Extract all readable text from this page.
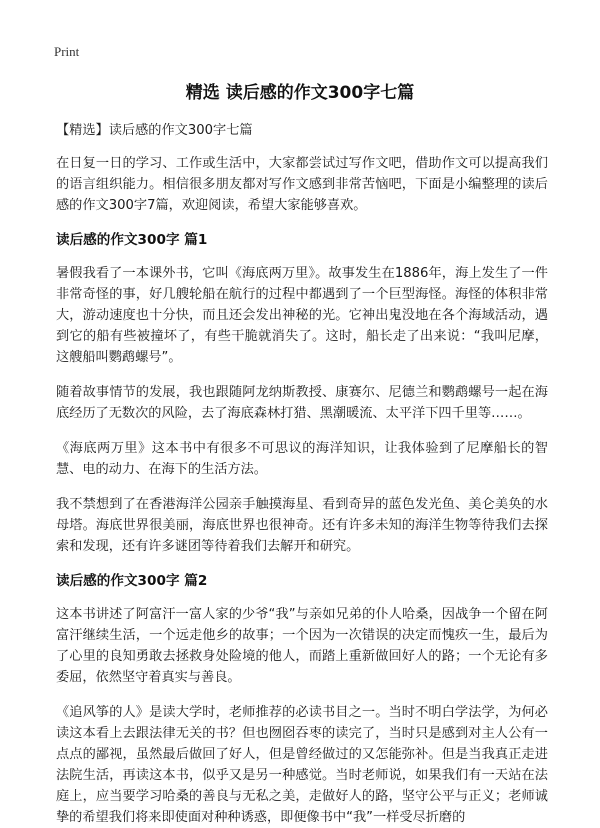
Print
精选 读后感的作文300字七篇

【精选】读后感的作文300字七篇

在日复一日的学习、工作或生活中，大家都尝试过写作文吧，借助作文可以提高我们的语言组织能力。相信很多朋友都对写作文感到非常苦恼吧，下面是小编整理的读后感的作文300字7篇，欢迎阅读，希望大家能够喜欢。

读后感的作文300字 篇1

暑假我看了一本课外书，它叫《海底两万里》。故事发生在1886年，海上发生了一件非常奇怪的事，好几艘轮船在航行的过程中都遇到了一个巨型海怪。海怪的体积非常大，游动速度也十分快，而且还会发出神秘的光。它神出鬼没地在各个海域活动，遇到它的船有些被撞坏了，有些干脆就消失了。这时，船长走了出来说：“我叫尼摩，这艘船叫鹦鹉螺号”。

随着故事情节的发展，我也跟随阿龙纳斯教授、康赛尔、尼德兰和鹦鹉螺号一起在海底经历了无数次的风险，去了海底森林打猎、黑潮暖流、太平洋下四千里等……。

《海底两万里》这本书中有很多不可思议的海洋知识，让我体验到了尼摩船长的智慧、电的动力、在海下的生活方法。

我不禁想到了在香港海洋公园亲手触摸海星、看到奇异的蓝色发光鱼、美仑美奂的水母塔。海底世界很美丽，海底世界也很神奇。还有许多未知的海洋生物等待我们去探索和发现，还有许多谜团等待着我们去解开和研究。

读后感的作文300字 篇2

这本书讲述了阿富汗一富人家的少爷“我”与亲如兄弟的仆人哈桑，因战争一个留在阿富汗继续生活，一个远走他乡的故事；一个因为一次错误的决定而愧疚一生，最后为了心里的良知勇敢去拯救身处险境的他人，而踏上重新做回好人的路；一个无论有多委屈，依然坚守着真实与善良。

《追风筝的人》是读大学时，老师推荐的必读书目之一。当时不明白学法学，为何必读这本看上去跟法律无关的书？但也囫囵吞枣的读完了，当时只是感到对主人公有一点点的鄙视，虽然最后做回了好人，但是曾经做过的又怎能弥补。但是当我真正走进法院生活，再读这本书，似乎又是另一种感觉。当时老师说，如果我们有一天站在法庭上，应当要学习哈桑的善良与无私之美，走做好人的路，坚守公平与正义；老师诚挚的希望我们将来即使面对种种诱惑，即便像书中“我”一样受尽折磨的
